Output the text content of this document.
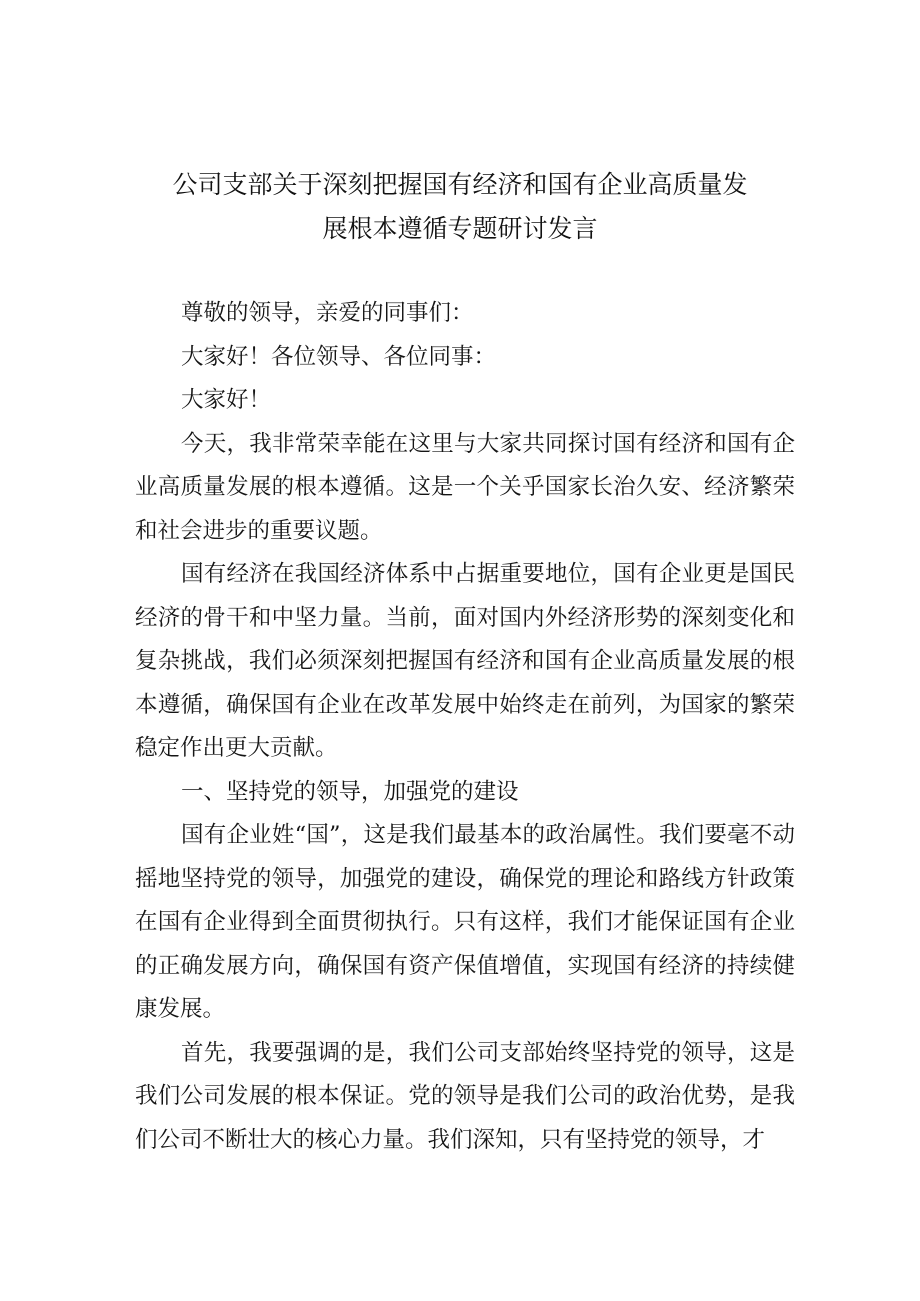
公司支部关于深刻把握国有经济和国有企业高质量发
展根本遵循专题研讨发言

尊敬的领导，亲爱的同事们：

大家好！各位领导、各位同事：

大家好！

今天，我非常荣幸能在这里与大家共同探讨国有经济和国有企业高质量发展的根本遵循。这是一个关乎国家长治久安、经济繁荣和社会进步的重要议题。

国有经济在我国经济体系中占据重要地位，国有企业更是国民经济的骨干和中坚力量。当前，面对国内外经济形势的深刻变化和复杂挑战，我们必须深刻把握国有经济和国有企业高质量发展的根本遵循，确保国有企业在改革发展中始终走在前列，为国家的繁荣稳定作出更大贡献。

一、坚持党的领导，加强党的建设

国有企业姓“国”，这是我们最基本的政治属性。我们要毫不动摇地坚持党的领导，加强党的建设，确保党的理论和路线方针政策在国有企业得到全面贯彻执行。只有这样，我们才能保证国有企业的正确发展方向，确保国有资产保值增值，实现国有经济的持续健康发展。

首先，我要强调的是，我们公司支部始终坚持党的领导，这是我们公司发展的根本保证。党的领导是我们公司的政治优势，是我们公司不断壮大的核心力量。我们深知，只有坚持党的领导，才
